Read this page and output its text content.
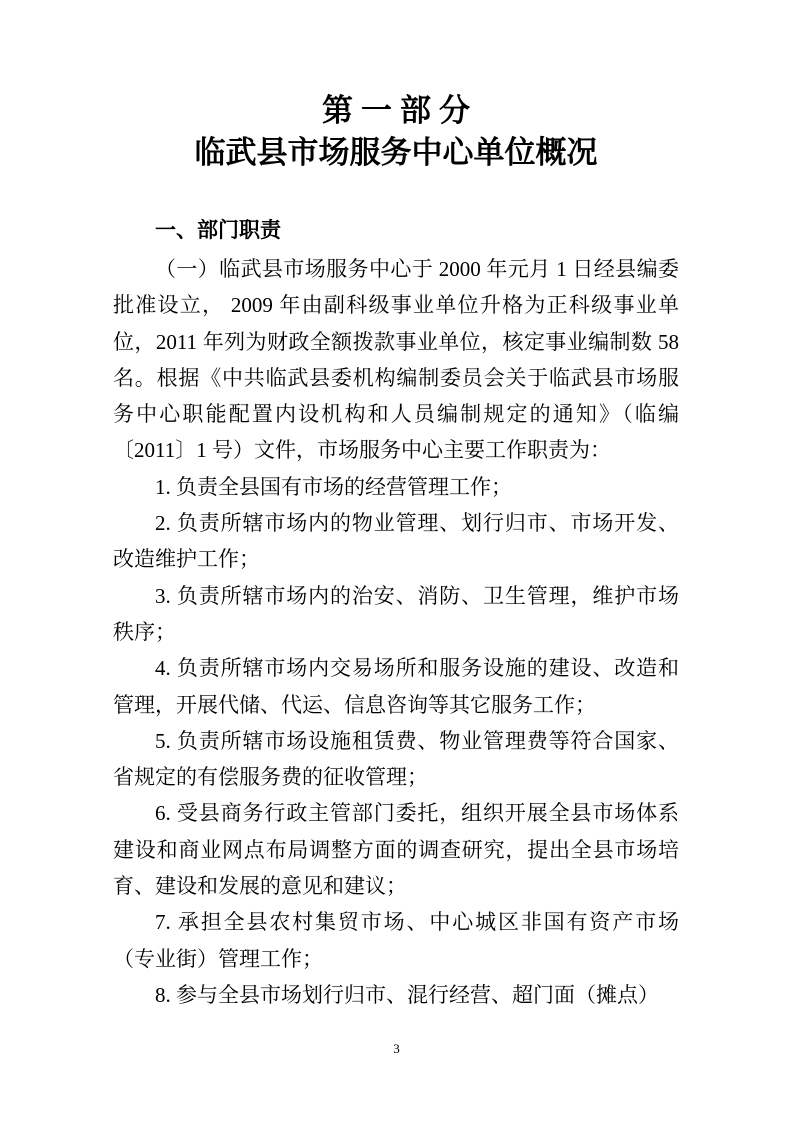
第一部分
临武县市场服务中心单位概况
一、部门职责

（一）临武县市场服务中心于 2000 年元月 1 日经县编委批准设立， 2009 年由副科级事业单位升格为正科级事业单位，2011 年列为财政全额拨款事业单位，核定事业编制数 58 名。根据《中共临武县委机构编制委员会关于临武县市场服务中心职能配置内设机构和人员编制规定的通知》（临编〔2011〕1 号）文件，市场服务中心主要工作职责为：

1. 负责全县国有市场的经营管理工作；

2. 负责所辖市场内的物业管理、划行归市、市场开发、改造维护工作；

3. 负责所辖市场内的治安、消防、卫生管理，维护市场秩序；

4. 负责所辖市场内交易场所和服务设施的建设、改造和管理，开展代储、代运、信息咨询等其它服务工作；

5. 负责所辖市场设施租赁费、物业管理费等符合国家、省规定的有偿服务费的征收管理；

6. 受县商务行政主管部门委托，组织开展全县市场体系建设和商业网点布局调整方面的调查研究，提出全县市场培育、建设和发展的意见和建议；

7. 承担全县农村集贸市场、中心城区非国有资产市场（专业街）管理工作；

8. 参与全县市场划行归市、混行经营、超门面（摊点）

3
